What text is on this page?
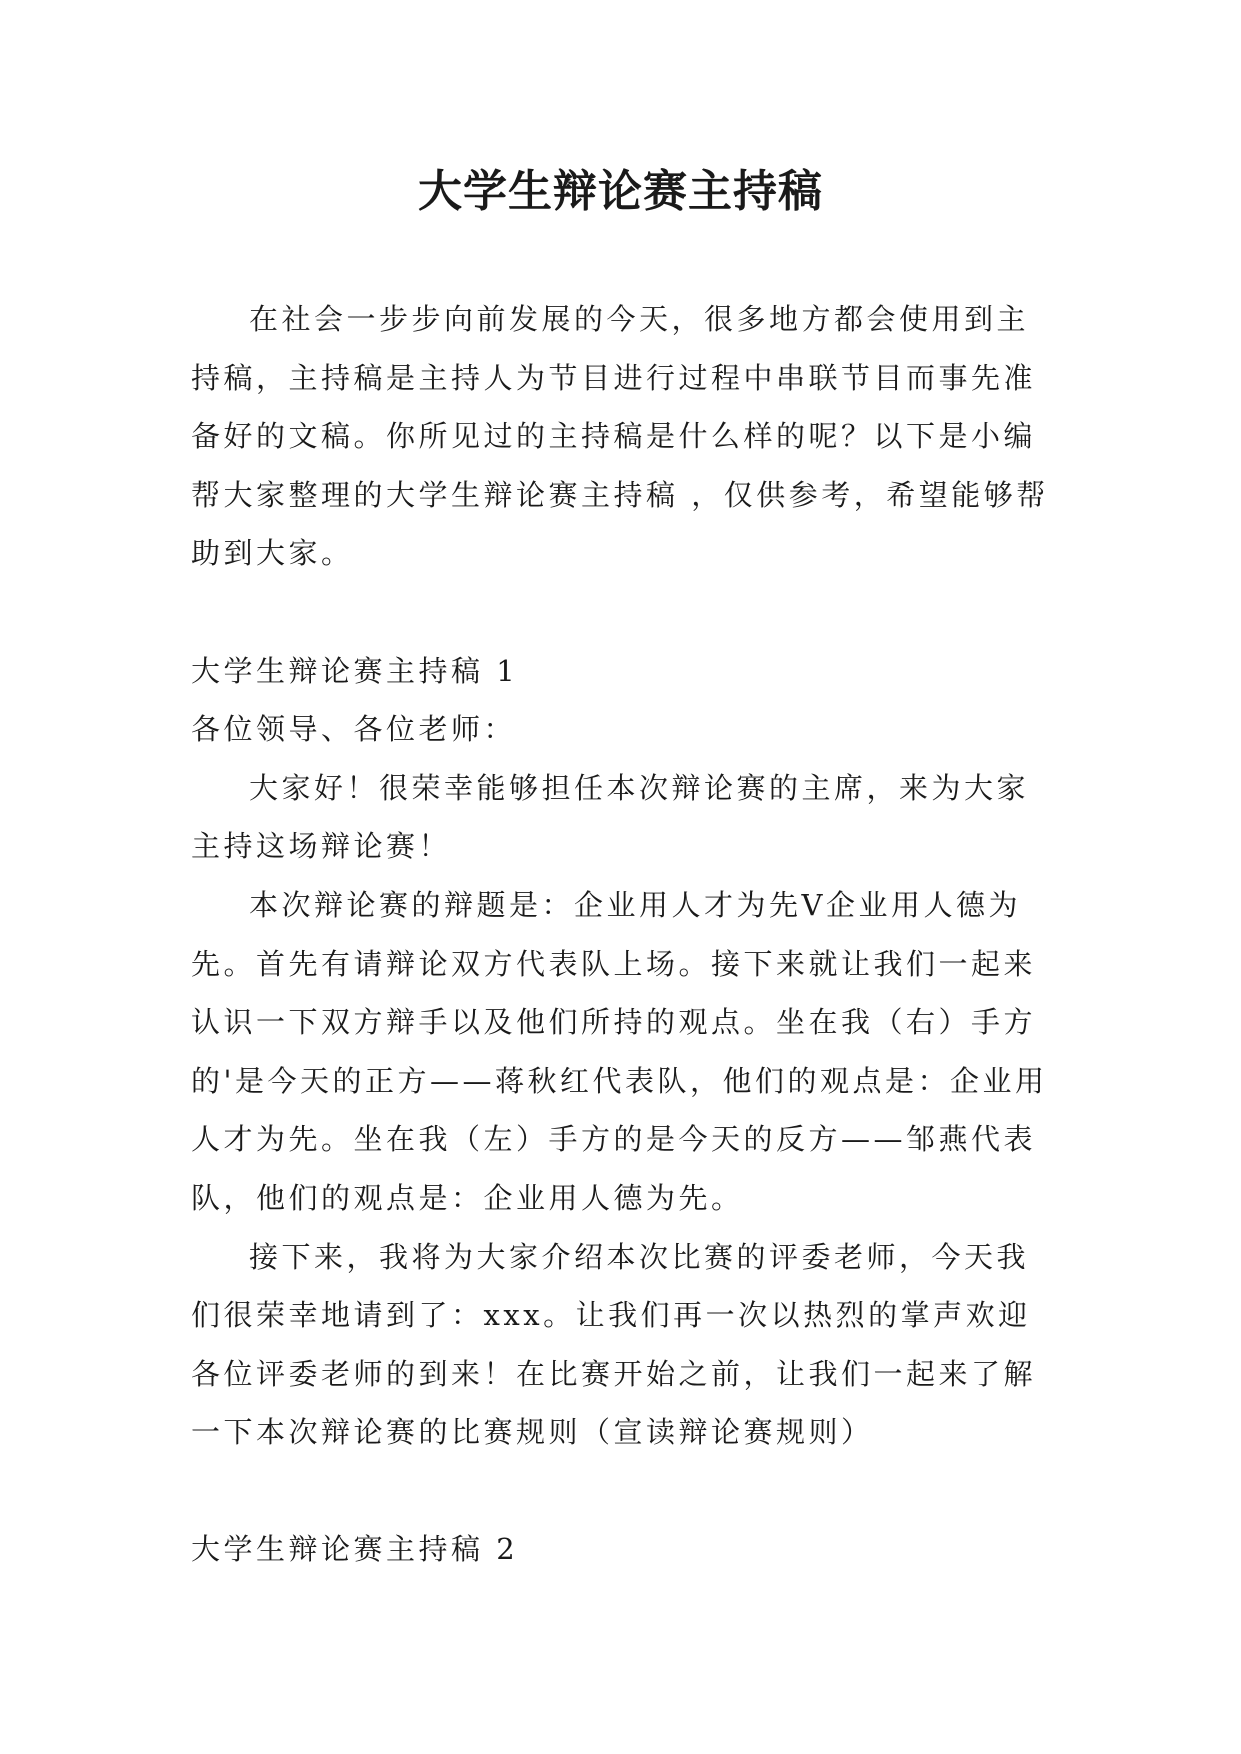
大学生辩论赛主持稿

在社会一步步向前发展的今天，很多地方都会使用到主持稿，主持稿是主持人为节目进行过程中串联节目而事先准备好的文稿。你所见过的主持稿是什么样的呢？以下是小编帮大家整理的大学生辩论赛主持稿 ，仅供参考，希望能够帮助到大家。

大学生辩论赛主持稿 1

各位领导、各位老师：

大家好！很荣幸能够担任本次辩论赛的主席，来为大家主持这场辩论赛！

本次辩论赛的辩题是：企业用人才为先V企业用人德为先。首先有请辩论双方代表队上场。接下来就让我们一起来认识一下双方辩手以及他们所持的观点。坐在我（右）手方的'是今天的正方——蒋秋红代表队，他们的观点是：企业用人才为先。坐在我（左）手方的是今天的反方——邹燕代表队，他们的观点是：企业用人德为先。

接下来，我将为大家介绍本次比赛的评委老师，今天我们很荣幸地请到了：xxx。让我们再一次以热烈的掌声欢迎各位评委老师的到来！在比赛开始之前，让我们一起来了解一下本次辩论赛的比赛规则（宣读辩论赛规则）

大学生辩论赛主持稿 2
